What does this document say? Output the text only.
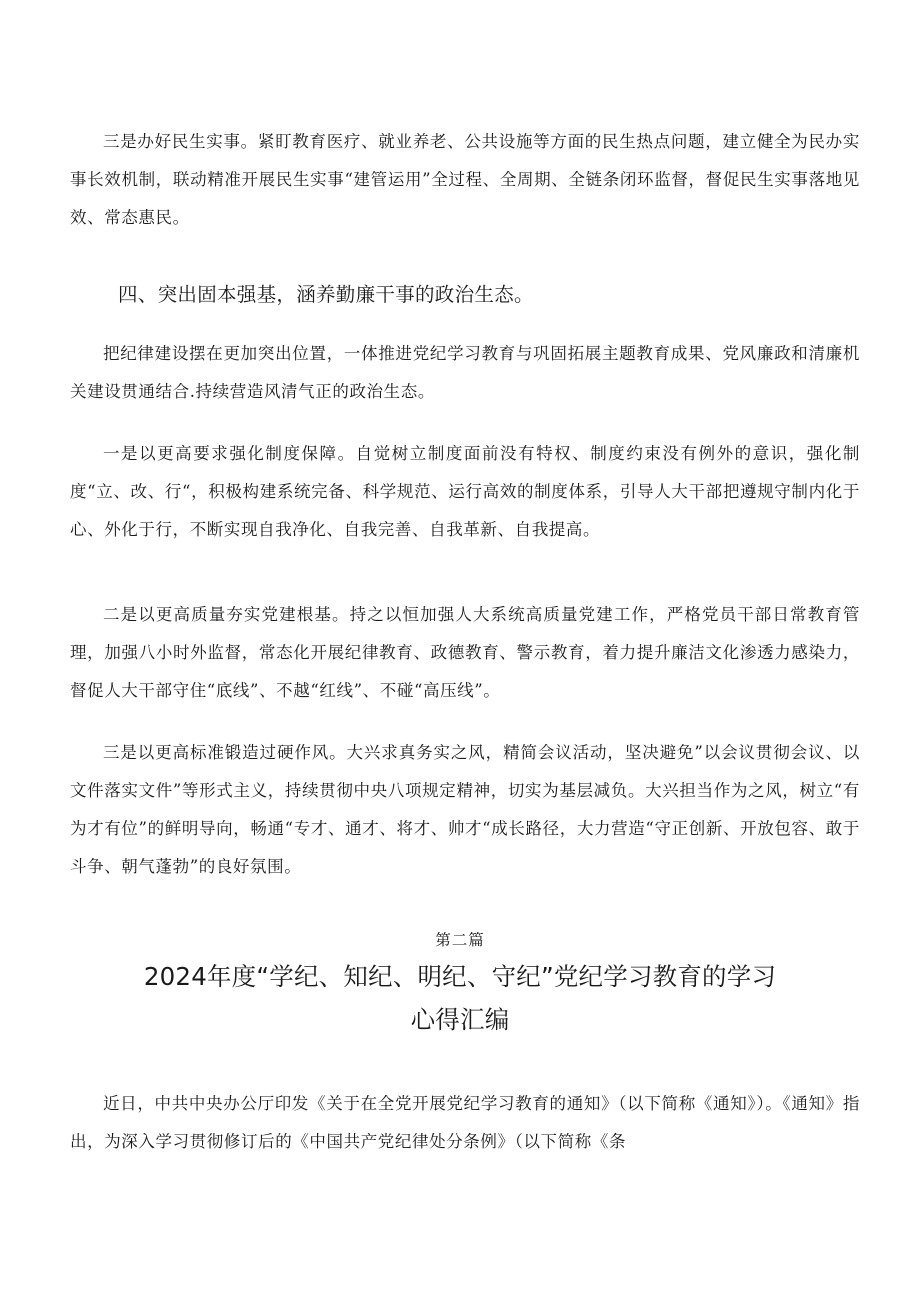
三是办好民生实事。紧盯教育医疗、就业养老、公共设施等方面的民生热点问题，建立健全为民办实事长效机制，联动精准开展民生实事“建管运用”全过程、全周期、全链条闭环监督，督促民生实事落地见效、常态惠民。

四、突出固本强基，涵养勤廉干事的政治生态。

把纪律建设摆在更加突出位置，一体推进党纪学习教育与巩固拓展主题教育成果、党风廉政和清廉机关建设贯通结合.持续营造风清气正的政治生态。

一是以更高要求强化制度保障。自觉树立制度面前没有特权、制度约束没有例外的意识，强化制度“立、改、行“，积极构建系统完备、科学规范、运行高效的制度体系，引导人大干部把遵规守制内化于心、外化于行，不断实现自我净化、自我完善、自我革新、自我提高。

二是以更高质量夯实党建根基。持之以恒加强人大系统高质量党建工作，严格党员干部日常教育管理，加强八小时外监督，常态化开展纪律教育、政德教育、警示教育，着力提升廉洁文化渗透力感染力，督促人大干部守住“底线”、不越“红线”、不碰“高压线”。

三是以更高标准锻造过硬作风。大兴求真务实之风，精简会议活动，坚决避免”以会议贯彻会议、以文件落实文件”等形式主义，持续贯彻中央八项规定精神，切实为基层减负。大兴担当作为之风，树立“有为才有位”的鲜明导向，畅通“专才、通才、将才、帅才“成长路径，大力营造“守正创新、开放包容、敢于斗争、朝气蓬勃”的良好氛围。

第二篇
2024年度“学纪、知纪、明纪、守纪”党纪学习教育的学习
心得汇编

近日，中共中央办公厅印发《关于在全党开展党纪学习教育的通知》（以下简称《通知》）。《通知》指出，为深入学习贯彻修订后的《中国共产党纪律处分条例》（以下简称《条
